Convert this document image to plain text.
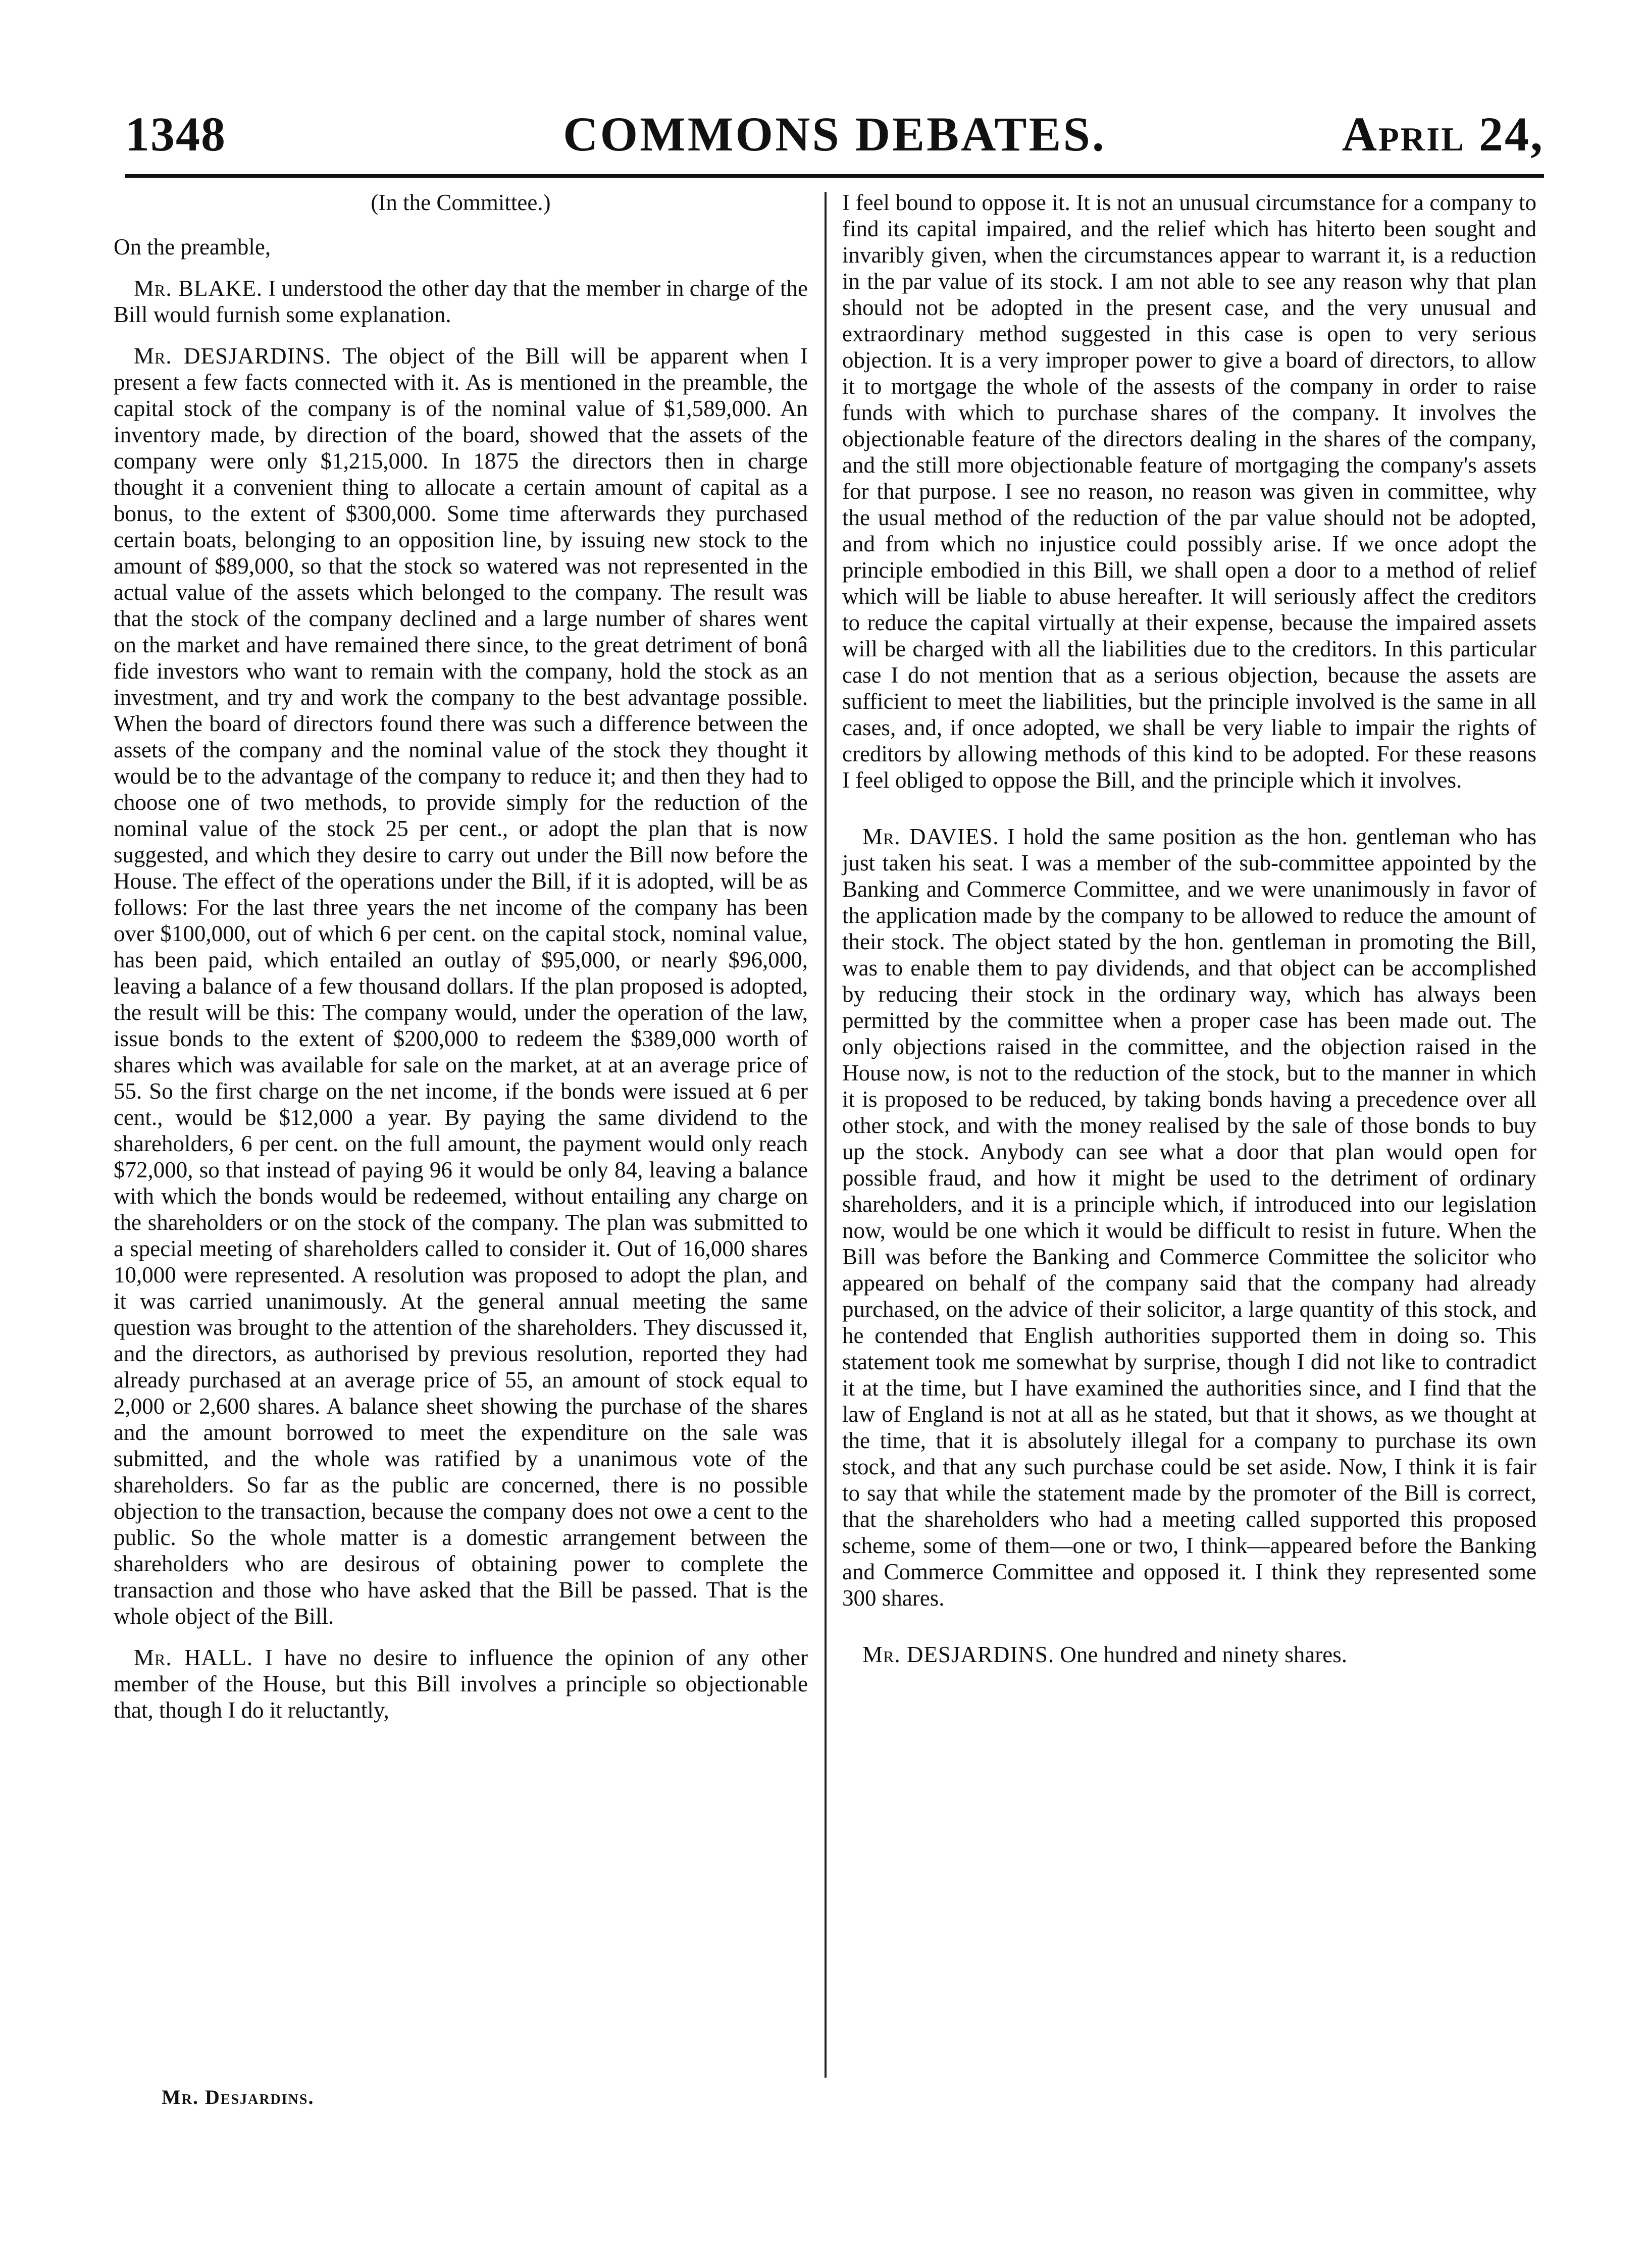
1348	COMMONS DEBATES.	April 24,
(In the Committee.)

On the preamble,

Mr. BLAKE. I understood the other day that the member in charge of the Bill would furnish some explanation.

Mr. DESJARDINS. The object of the Bill will be apparent when I present a few facts connected with it. As is mentioned in the preamble, the capital stock of the company is of the nominal value of $1,589,000. An inventory made, by direction of the board, showed that the assets of the company were only $1,215,000. In 1875 the directors then in charge thought it a convenient thing to allocate a certain amount of capital as a bonus, to the extent of $300,000. Some time afterwards they purchased certain boats, belonging to an opposition line, by issuing new stock to the amount of $89,000, so that the stock so watered was not represented in the actual value of the assets which belonged to the company. The result was that the stock of the company declined and a large number of shares went on the market and have remained there since, to the great detriment of bonâ fide investors who want to remain with the company, hold the stock as an investment, and try and work the company to the best advantage possible. When the board of directors found there was such a difference between the assets of the company and the nominal value of the stock they thought it would be to the advantage of the company to reduce it; and then they had to choose one of two methods, to provide simply for the reduction of the nominal value of the stock 25 per cent., or adopt the plan that is now suggested, and which they desire to carry out under the Bill now before the House. The effect of the operations under the Bill, if it is adopted, will be as follows: For the last three years the net income of the company has been over $100,000, out of which 6 per cent. on the capital stock, nominal value, has been paid, which entailed an outlay of $95,000, or nearly $96,000, leaving a balance of a few thousand dollars. If the plan proposed is adopted, the result will be this: The company would, under the operation of the law, issue bonds to the extent of $200,000 to redeem the $389,000 worth of shares which was available for sale on the market, at at an average price of 55. So the first charge on the net income, if the bonds were issued at 6 per cent., would be $12,000 a year. By paying the same dividend to the shareholders, 6 per cent. on the full amount, the payment would only reach $72,000, so that instead of paying 96 it would be only 84, leaving a balance with which the bonds would be redeemed, without entailing any charge on the shareholders or on the stock of the company. The plan was submitted to a special meeting of shareholders called to consider it. Out of 16,000 shares 10,000 were represented. A resolution was proposed to adopt the plan, and it was carried unanimously. At the general annual meeting the same question was brought to the attention of the shareholders. They discussed it, and the directors, as authorised by previous resolution, reported they had already purchased at an average price of 55, an amount of stock equal to 2,000 or 2,600 shares. A balance sheet showing the purchase of the shares and the amount borrowed to meet the expenditure on the sale was submitted, and the whole was ratified by a unanimous vote of the shareholders. So far as the public are concerned, there is no possible objection to the transaction, because the company does not owe a cent to the public. So the whole matter is a domestic arrangement between the shareholders who are desirous of obtaining power to complete the transaction and those who have asked that the Bill be passed. That is the whole object of the Bill.

Mr. HALL. I have no desire to influence the opinion of any other member of the House, but this Bill involves a principle so objectionable that, though I do it reluctantly,

I feel bound to oppose it. It is not an unusual circumstance for a company to find its capital impaired, and the relief which has hiterto been sought and invaribly given, when the circumstances appear to warrant it, is a reduction in the par value of its stock. I am not able to see any reason why that plan should not be adopted in the present case, and the very unusual and extraordinary method suggested in this case is open to very serious objection. It is a very improper power to give a board of directors, to allow it to mortgage the whole of the assests of the company in order to raise funds with which to purchase shares of the company. It involves the objectionable feature of the directors dealing in the shares of the company, and the still more objectionable feature of mortgaging the company's assets for that purpose. I see no reason, no reason was given in committee, why the usual method of the reduction of the par value should not be adopted, and from which no injustice could possibly arise. If we once adopt the principle embodied in this Bill, we shall open a door to a method of relief which will be liable to abuse hereafter. It will seriously affect the creditors to reduce the capital virtually at their expense, because the impaired assets will be charged with all the liabilities due to the creditors. In this particular case I do not mention that as a serious objection, because the assets are sufficient to meet the liabilities, but the principle involved is the same in all cases, and, if once adopted, we shall be very liable to impair the rights of creditors by allowing methods of this kind to be adopted. For these reasons I feel obliged to oppose the Bill, and the principle which it involves.

Mr. DAVIES. I hold the same position as the hon. gentleman who has just taken his seat. I was a member of the sub-committee appointed by the Banking and Commerce Committee, and we were unanimously in favor of the application made by the company to be allowed to reduce the amount of their stock. The object stated by the hon. gentleman in promoting the Bill, was to enable them to pay dividends, and that object can be accomplished by reducing their stock in the ordinary way, which has always been permitted by the committee when a proper case has been made out. The only objections raised in the committee, and the objection raised in the House now, is not to the reduction of the stock, but to the manner in which it is proposed to be reduced, by taking bonds having a precedence over all other stock, and with the money realised by the sale of those bonds to buy up the stock. Anybody can see what a door that plan would open for possible fraud, and how it might be used to the detriment of ordinary shareholders, and it is a principle which, if introduced into our legislation now, would be one which it would be difficult to resist in future. When the Bill was before the Banking and Commerce Committee the solicitor who appeared on behalf of the company said that the company had already purchased, on the advice of their solicitor, a large quantity of this stock, and he contended that English authorities supported them in doing so. This statement took me somewhat by surprise, though I did not like to contradict it at the time, but I have examined the authorities since, and I find that the law of England is not at all as he stated, but that it shows, as we thought at the time, that it is absolutely illegal for a company to purchase its own stock, and that any such purchase could be set aside. Now, I think it is fair to say that while the statement made by the promoter of the Bill is correct, that the shareholders who had a meeting called supported this proposed scheme, some of them—one or two, I think—appeared before the Banking and Commerce Committee and opposed it. I think they represented some 300 shares.

Mr. DESJARDINS. One hundred and ninety shares.

Mr. Desjardins.
